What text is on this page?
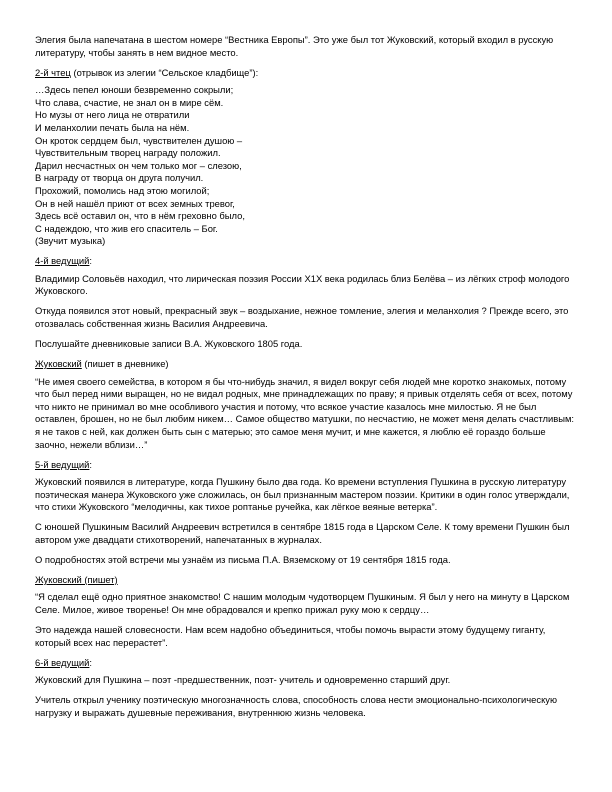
Элегия была напечатана в шестом номере “Вестника Европы”. Это уже был тот Жуковский, который входил в русскую литературу, чтобы занять в нем видное место.

2-й чтец (отрывок из элегии “Сельское кладбище”):

…Здесь пепел юноши безвременно сокрыли;
Что слава, счастие, не знал он в мире сём.
Но музы от него лица не отвратили
И меланхолии печать была на нём.
Он кроток сердцем был, чувствителен душою –
Чувствительным творец награду положил.
Дарил несчастных он чем только мог – слезою,
В награду от творца он друга получил.
Прохожий, помолись над этою могилой;
Он в ней нашёл приют от всех земных тревог,
Здесь всё оставил он, что в нём греховно было,
С надеждою, что жив его спаситель – Бог.
(Звучит музыка)

4-й ведущий:

Владимир Соловьёв находил, что лирическая поэзия России Х1Х века родилась близ Белёва – из лёгких строф молодого Жуковского.

Откуда появился этот новый, прекрасный звук – воздыхание, нежное томление, элегия и меланхолия ? Прежде всего, это отозвалась собственная жизнь Василия Андреевича.

Послушайте дневниковые записи В.А. Жуковского 1805 года.

Жуковский (пишет в дневнике)

“Не имея своего семейства, в котором я бы что-нибудь значил, я видел вокруг себя людей мне коротко знакомых, потому что был перед ними выращен, но не видал родных, мне принадлежащих по праву; я привык отделять себя от всех, потому что никто не принимал во мне особливого участия и потому, что всякое участие казалось мне милостью. Я не был оставлен, брошен, но не был любим никем… Самое общество матушки, по несчастию, не может меня делать счастливым: я не таков с ней, как должен быть сын с матерью; это самое меня мучит, и мне кажется, я люблю её гораздо больше заочно, нежели вблизи…”

5-й ведущий:

Жуковский появился в литературе, когда Пушкину было два года. Ко времени вступления Пушкина в русскую литературу поэтическая манера Жуковского уже сложилась, он был признанным мастером поэзии. Критики в один голос утверждали, что стихи Жуковского “мелодичны, как тихое роптанье ручейка, как лёгкое веяные ветерка”.

С юношей Пушкиным Василий Андреевич встретился в сентябре 1815 года в Царском Селе. К тому времени Пушкин был автором уже двадцати стихотворений, напечатанных в журналах.

О подробностях этой встречи мы узнаём из письма П.А. Вяземскому от 19 сентября 1815 года.

Жуковский (пишет)

“Я сделал ещё одно приятное знакомство! С нашим молодым чудотворцем Пушкиным. Я был у него на минуту в Царском Селе. Милое, живое творенье! Он мне обрадовался и крепко прижал руку мою к сердцу…

Это надежда нашей словесности. Нам всем надобно объединиться, чтобы помочь вырасти этому будущему гиганту, который всех нас перерастет”.

6-й ведущий:

Жуковский для Пушкина – поэт -предшественник, поэт- учитель и одновременно старший друг.

Учитель открыл ученику поэтическую многозначность слова, способность слова нести эмоционально-психологическую нагрузку и выражать душевные переживания, внутреннюю жизнь человека.
